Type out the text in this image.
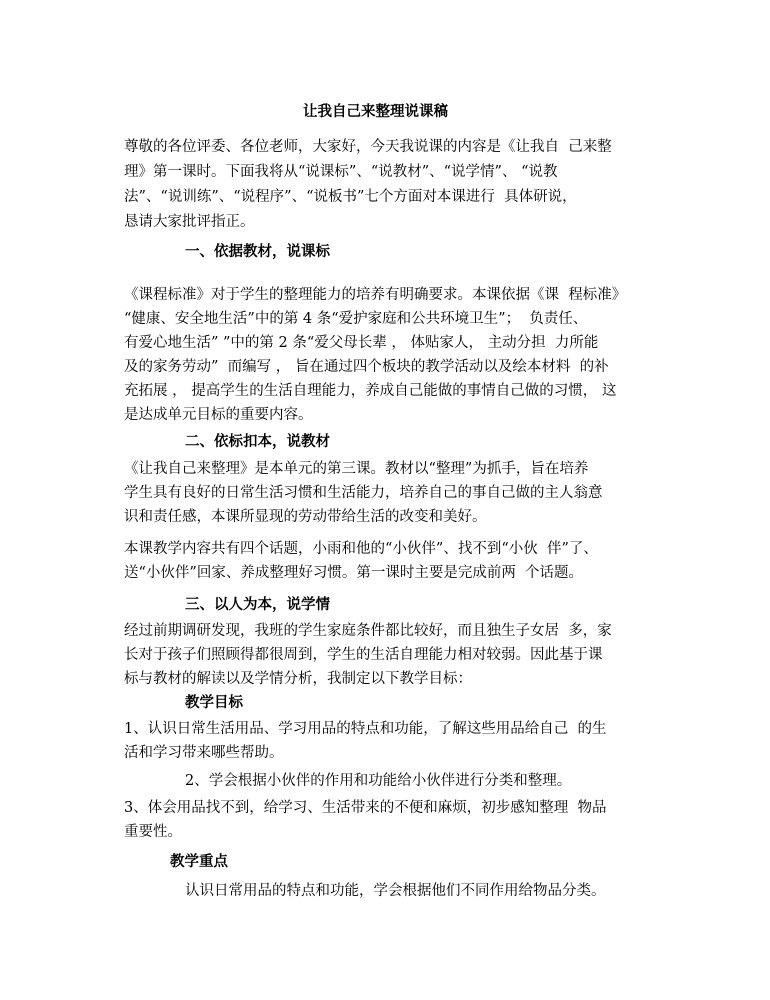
让我自己来整理说课稿
尊敬的各位评委、各位老师，大家好，今天我说课的内容是《让我自  己来整
理》第一课时。下面我将从“说课标”、“说教材”、“说学情”、 “说教
法”、“说训练”、“说程序”、“说板书”七个方面对本课进行  具体研说，
恳请大家批评指正。
一、依据教材，说课标
《课程标准》对于学生的整理能力的培养有明确要求。本课依据《课  程标准》
“健康、安全地生活”中的第 4 条“爱护家庭和公共环境卫生”；  负责任、
有爱心地生活” ”中的第 2 条“爱父母长辈 ， 体贴家人， 主动分担  力所能
及的家务劳动”  而编写 ， 旨在通过四个板块的教学活动以及绘本材料  的补
充拓展 ， 提高学生的生活自理能力，养成自己能做的事情自己做的习惯， 这
是达成单元目标的重要内容。
二、依标扣本，说教材
《让我自己来整理》是本单元的第三课。教材以“整理”为抓手，旨在培养
学生具有良好的日常生活习惯和生活能力，培养自己的事自己做的主人翁意
识和责任感，本课所显现的劳动带给生活的改变和美好。
本课教学内容共有四个话题，小雨和他的“小伙伴”、找不到“小伙  伴”了、
送“小伙伴”回家、养成整理好习惯。第一课时主要是完成前两  个话题。
三、以人为本，说学情
经过前期调研发现，我班的学生家庭条件都比较好，而且独生子女居  多，家
长对于孩子们照顾得都很周到，学生的生活自理能力相对较弱。因此基于课
标与教材的解读以及学情分析，我制定以下教学目标：
教学目标
1、认识日常生活用品、学习用品的特点和功能，了解这些用品给自己  的生
活和学习带来哪些帮助。
2、学会根据小伙伴的作用和功能给小伙伴进行分类和整理。
3、体会用品找不到，给学习、生活带来的不便和麻烦，初步感知整理  物品
重要性。
教学重点
认识日常用品的特点和功能，学会根据他们不同作用给物品分类。
